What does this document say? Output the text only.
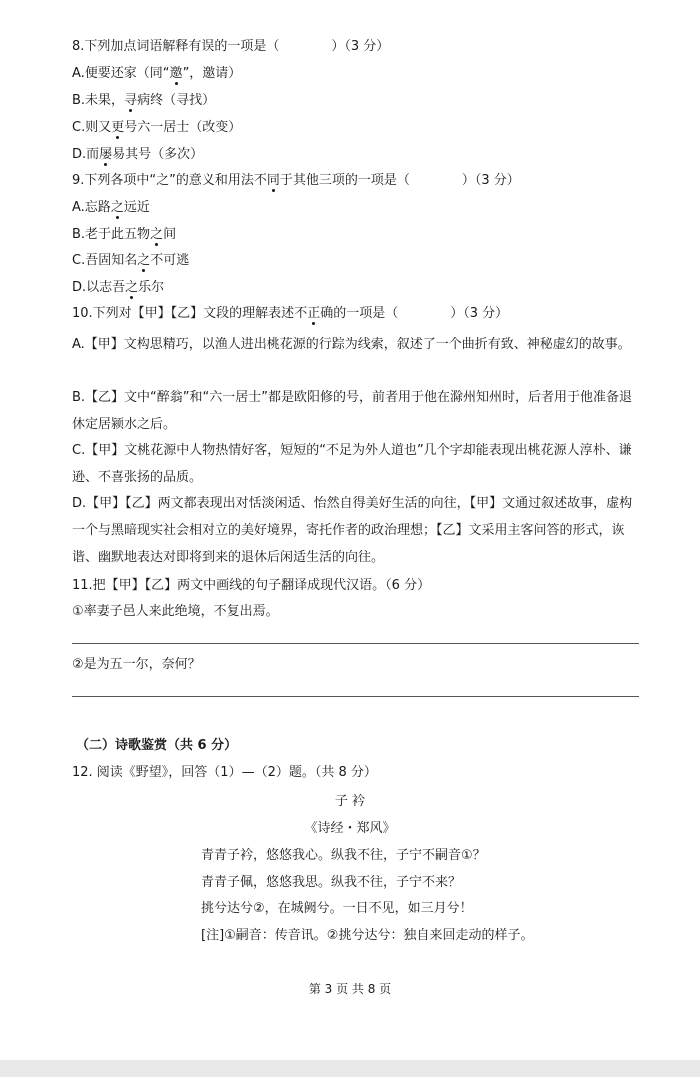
8.下列加点词语解释有误的一项是（	）（3 分）
A.便要还家（同“邀”，邀请）
B.未果，寻病终（寻找）
C.则又更号六一居士（改变）
D.而屡易其号（多次）
9.下列各项中“之”的意义和用法不同于其他三项的一项是（	）（3 分）
A.忘路之远近
B.老于此五物之间
C.吾固知名之不可逃
D.以志吾之乐尔
10.下列对【甲】【乙】文段的理解表述不正确的一项是（	）（3 分）
A.【甲】文构思精巧，以渔人进出桃花源的行踪为线索，叙述了一个曲折有致、神秘虚幻的故事。
B.【乙】文中“醉翁”和“六一居士”都是欧阳修的号，前者用于他在滁州知州时，后者用于他准备退休定居颍水之后。
C.【甲】文桃花源中人物热情好客，短短的“不足为外人道也”几个字却能表现出桃花源人淳朴、谦逊、不喜张扬的品质。
D.【甲】【乙】两文都表现出对恬淡闲适、怡然自得美好生活的向往，【甲】文通过叙述故事，虚构一个与黑暗现实社会相对立的美好境界，寄托作者的政治理想；【乙】文采用主客问答的形式，诙谐、幽默地表达对即将到来的退休后闲适生活的向往。
11.把【甲】【乙】两文中画线的句子翻译成现代汉语。（6 分）
①率妻子邑人来此绝境，不复出焉。
②是为五一尔，奈何？
（二）诗歌鉴赏（共 6 分）
12. 阅读《野望》，回答（1）—（2）题。（共 8 分）
子 衿
《诗经・郑风》
青青子衿，悠悠我心。纵我不往，子宁不嗣音①？
青青子佩，悠悠我思。纵我不往，子宁不来？
挑兮达兮②，在城阙兮。一日不见，如三月兮！
[注]①嗣音：传音讯。②挑兮达兮：独自来回走动的样子。
第 3 页 共 8 页
